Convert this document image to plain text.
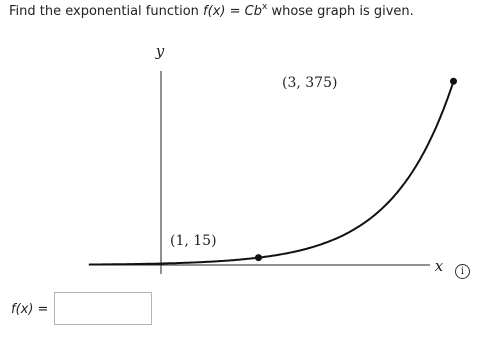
Find the exponential function $f(x) = Cb^x$ whose graph is given.
y
x
(1, 15)
(3, 375)
i
f(x) =
